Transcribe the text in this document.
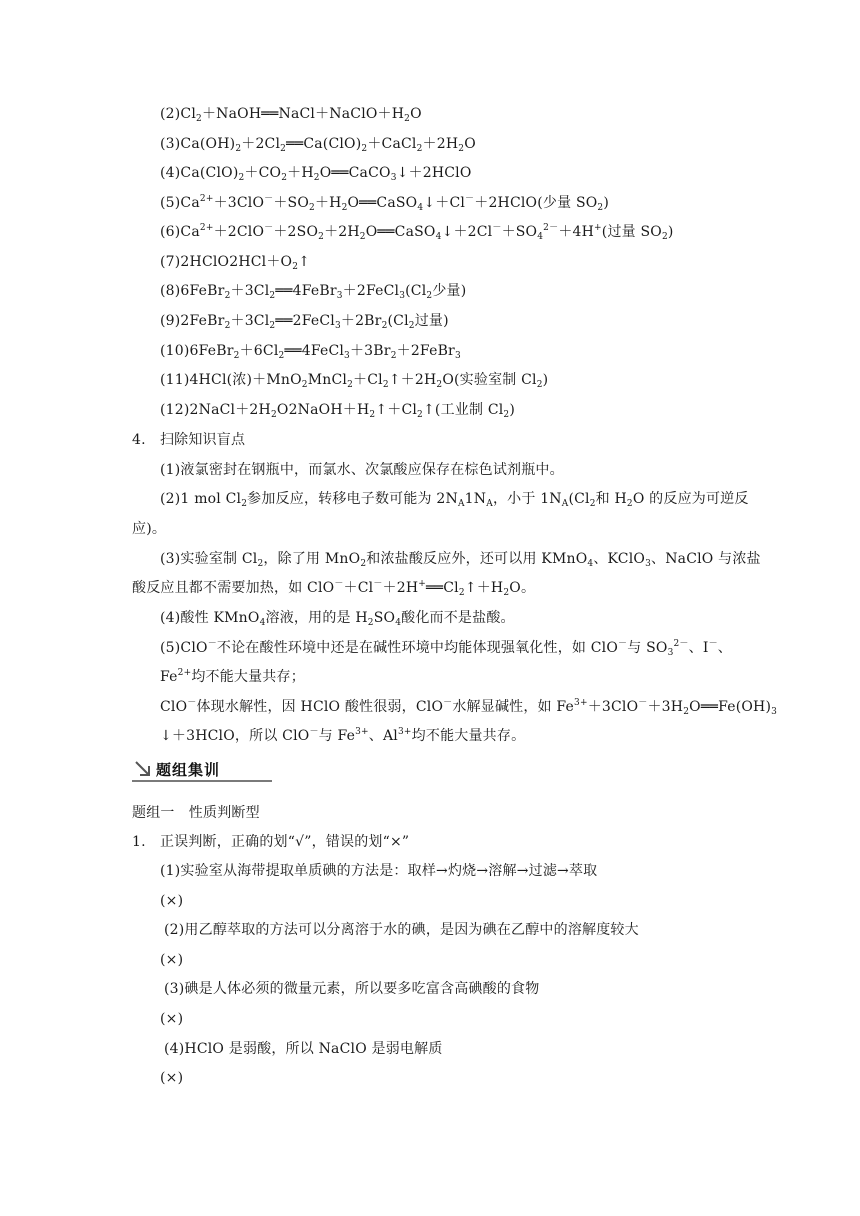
$(2)Cl_2+NaOH══NaCl+NaClO+H_2O$
$(3)Ca(OH)_2+2Cl_2══Ca(ClO)_2+CaCl_2+2H_2O$
$(4)Ca(ClO)_2+CO_2+H_2O══CaCO_3↓+2HClO$
$(5)Ca^{2+}+3ClO^-+SO_2+H_2O══CaSO_4↓+Cl^-+2HClO$(少量 $SO_2$)
$(6)Ca^{2+}+2ClO^-+2SO_2+2H_2O══CaSO_4↓+2Cl^-+SO_4^{2-}+4H^+$(过量 $SO_2$)
$(7)2HClO2HCl+O_2↑$
$(8)6FeBr_2+3Cl_2══4FeBr_3+2FeCl_3(Cl_2$少量)
$(9)2FeBr_2+3Cl_2══2FeCl_3+2Br_2(Cl_2$过量)
$(10)6FeBr_2+6Cl_2══4FeCl_3+3Br_2+2FeBr_3$
(11)4HCl(浓)$+MnO_2MnCl_2+Cl_2↑+2H_2O$(实验室制 $Cl_2$)
$(12)2NaCl+2H_2O2NaOH+H_2↑+Cl_2↑$(工业制 $Cl_2$)
4.　扫除知识盲点
(1)液氯密封在钢瓶中，而氯水、次氯酸应保存在棕色试剂瓶中。
(2)1 mol $Cl_2$参加反应，转移电子数可能为 $2N_A1N_A$，小于 $1N_A(Cl_2$和 $H_2O$ 的反应为可逆反
应)。
(3)实验室制 $Cl_2$，除了用 MnO$_2$和浓盐酸反应外，还可以用 KMnO$_4$、KClO$_3$、NaClO 与浓盐
酸反应且都不需要加热，如 $ClO^-+Cl^-+2H^+══Cl_2↑+H_2O$。
(4)酸性 KMnO$_4$溶液，用的是 $H_2SO_4$酸化而不是盐酸。
(5)ClO－不论在酸性环境中还是在碱性环境中均能体现强氧化性，如 ClO－与 $SO_3^{2-}$、I－、
$Fe^{2+}$均不能大量共存；
ClO－体现水解性，因 HClO 酸性很弱，ClO－水解显碱性，如 $Fe^{3+}+3ClO^-+3H_2O══Fe(OH)_3$
↓＋3HClO，所以 ClO－与 $Fe^{3+}$、$Al^{3+}$均不能大量共存。
题组集训
题组一　性质判断型
1.　正误判断，正确的划“√”，错误的划“×”
(1)实验室从海带提取单质碘的方法是：取样→灼烧→溶解→过滤→萃取
(×)
(2)用乙醇萃取的方法可以分离溶于水的碘，是因为碘在乙醇中的溶解度较大
(×)
(3)碘是人体必须的微量元素，所以要多吃富含高碘酸的食物
(×)
(4)HClO 是弱酸，所以 NaClO 是弱电解质
(×)
